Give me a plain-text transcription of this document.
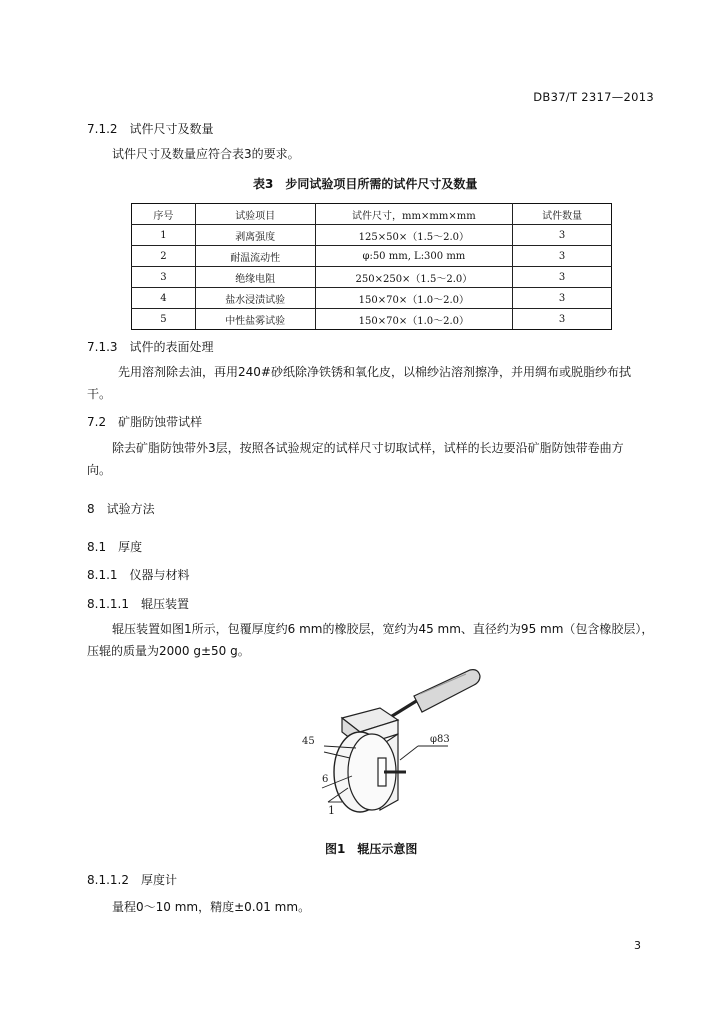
DB37/T 2317—2013
7.1.2　试件尺寸及数量
试件尺寸及数量应符合表3的要求。
表3　步同试验项目所需的试件尺寸及数量
序号	试验项目	试件尺寸，mm×mm×mm	试件数量
1	剥离强度	125×50×（1.5～2.0）	3
2	耐温流动性	φ:50 mm, L:300 mm	3
3	绝缘电阻	250×250×（1.5～2.0）	3
4	盐水浸渍试验	150×70×（1.0～2.0）	3
5	中性盐雾试验	150×70×（1.0～2.0）	3
7.1.3　试件的表面处理
先用溶剂除去油，再用240#砂纸除净铁锈和氧化皮，以棉纱沾溶剂擦净，并用绸布或脱脂纱布拭
干。
7.2　矿脂防蚀带试样
除去矿脂防蚀带外3层，按照各试验规定的试样尺寸切取试样，试样的长边要沿矿脂防蚀带卷曲方
向。
8　试验方法
8.1　厚度
8.1.1　仪器与材料
8.1.1.1　辊压装置
辊压装置如图1所示，包覆厚度约6 mm的橡胶层，宽约为45 mm、直径约为95 mm（包含橡胶层），
压辊的质量为2000 g±50 g。
45	φ83
6
1
图1　辊压示意图
8.1.1.2　厚度计
量程0～10 mm，精度±0.01 mm。
3
